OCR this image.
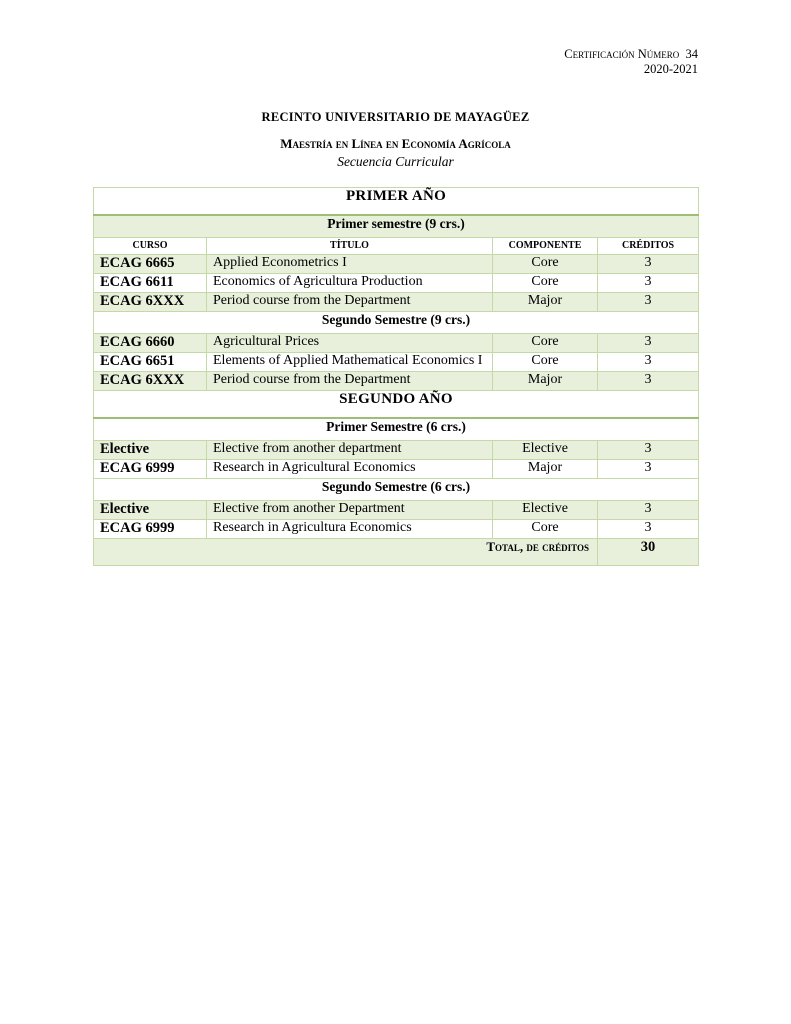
Certificación Número 34
2020-2021
RECINTO UNIVERSITARIO DE MAYAGÜEZ
Maestría en Línea en Economía Agrícola
Secuencia Curricular
PRIMER AÑO			
Primer semestre (9 crs.)			
CURSO	TÍTULO	COMPONENTE	CRÉDITOS
ECAG 6665	Applied Econometrics I	Core	3
ECAG 6611	Economics of Agricultura Production	Core	3
ECAG 6XXX	Period course from the Department	Major	3
Segundo Semestre (9 crs.)			
ECAG 6660	Agricultural Prices	Core	3
ECAG 6651	Elements of Applied Mathematical Economics I	Core	3
ECAG 6XXX	Period course from the Department	Major	3
SEGUNDO AÑO			
Primer Semestre (6 crs.)			
Elective	Elective from another department	Elective	3
ECAG 6999	Research in Agricultural Economics	Major	3
Segundo Semestre (6 crs.)			
Elective	Elective from another Department	Elective	3
ECAG 6999	Research in Agricultura Economics	Core	3
Total, de créditos			30
